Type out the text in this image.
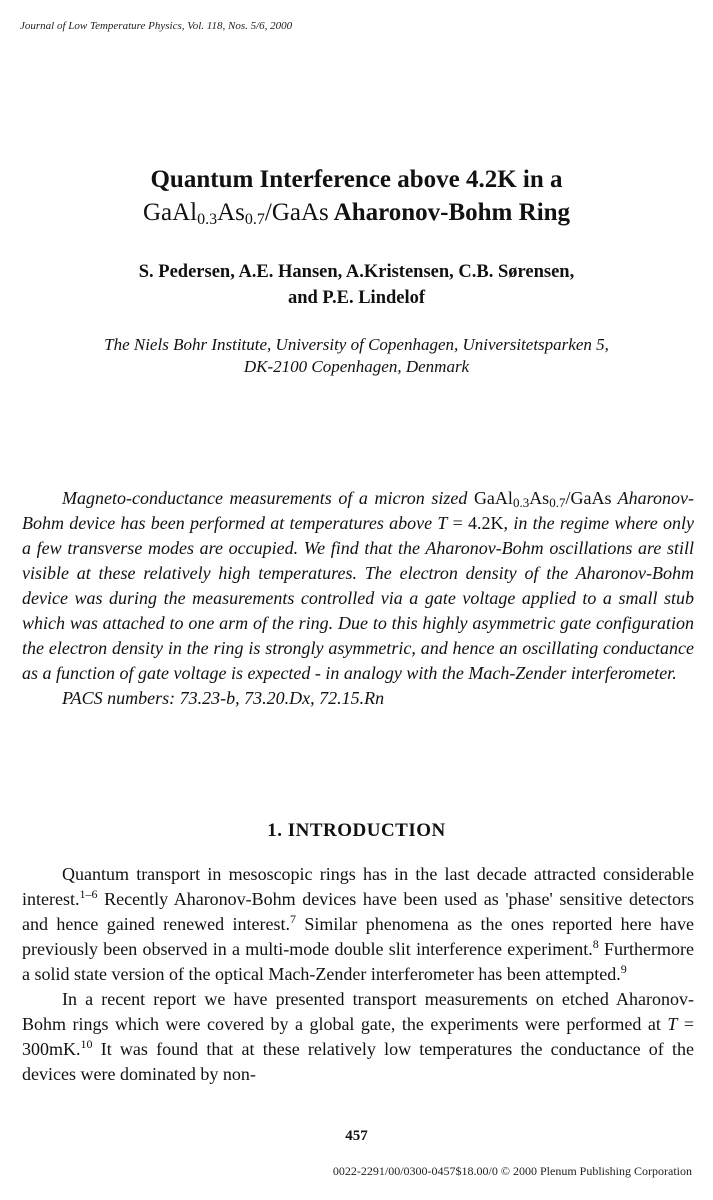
Journal of Low Temperature Physics, Vol. 118, Nos. 5/6, 2000
Quantum Interference above 4.2K in a
$GaAl_{0.3}As_{0.7}$/GaAs Aharonov-Bohm Ring
S. Pedersen, A.E. Hansen, A.Kristensen, C.B. Sørensen,
and P.E. Lindelof
The Niels Bohr Institute, University of Copenhagen, Universitetsparken 5,
DK-2100 Copenhagen, Denmark

Magneto-conductance measurements of a micron sized $GaAl_{0.3}As_{0.7}$/GaAs Aharonov-Bohm device has been performed at temperatures above T = 4.2K, in the regime where only a few transverse modes are occupied. We find that the Aharonov-Bohm oscillations are still visible at these relatively high temperatures. The electron density of the Aharonov-Bohm device was during the measurements controlled via a gate voltage applied to a small stub which was attached to one arm of the ring. Due to this highly asymmetric gate configuration the electron density in the ring is strongly asymmetric, and hence an oscillating conductance as a function of gate voltage is expected - in analogy with the Mach-Zender interferometer.

PACS numbers: 73.23-b, 73.20.Dx, 72.15.Rn

1. INTRODUCTION

Quantum transport in mesoscopic rings has in the last decade attracted considerable interest.$^{1-6}$ Recently Aharonov-Bohm devices have been used as 'phase' sensitive detectors and hence gained renewed interest.$^7$ Similar phenomena as the ones reported here have previously been observed in a multi-mode double slit interference experiment.$^8$ Furthermore a solid state version of the optical Mach-Zender interferometer has been attempted.$^9$

In a recent report we have presented transport measurements on etched Aharonov-Bohm rings which were covered by a global gate, the experiments were performed at T = 300mK.$^{10}$ It was found that at these relatively low temperatures the conductance of the devices were dominated by non-

457
0022-2291/00/0300-0457$18.00/0 © 2000 Plenum Publishing Corporation
